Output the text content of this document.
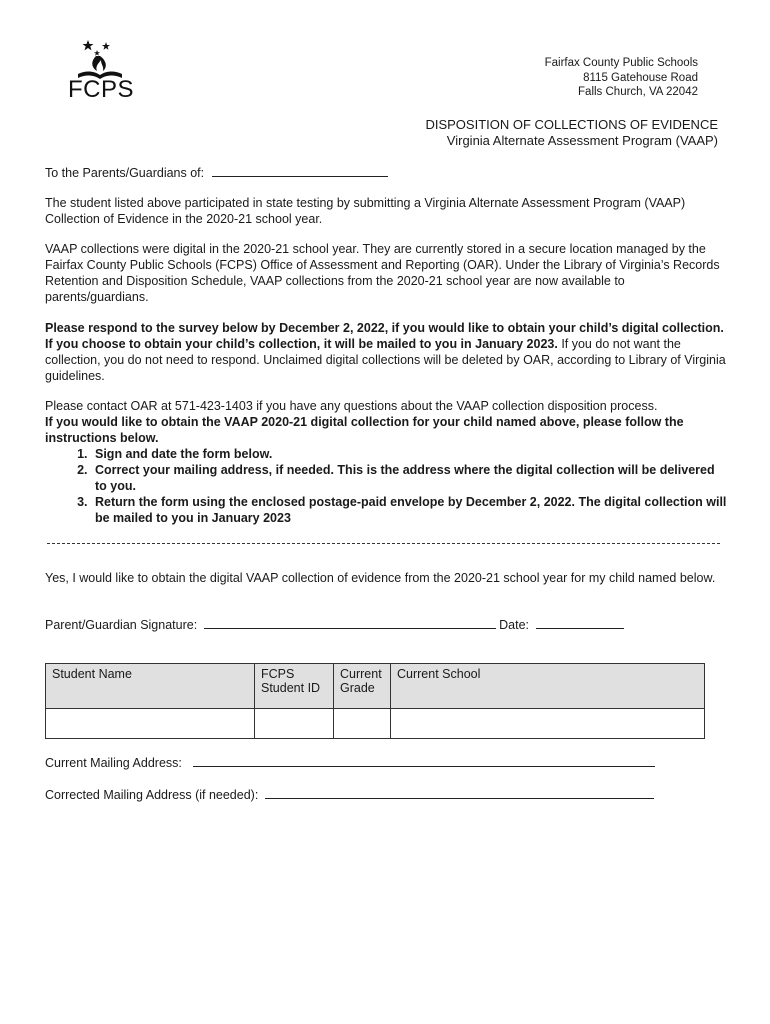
FCPS
Fairfax County Public Schools
8115 Gatehouse Road
Falls Church, VA 22042
DISPOSITION OF COLLECTIONS OF EVIDENCE
Virginia Alternate Assessment Program (VAAP)
To the Parents/Guardians of:
The student listed above participated in state testing by submitting a Virginia Alternate Assessment Program (VAAP) Collection of Evidence in the 2020-21 school year.
VAAP collections were digital in the 2020-21 school year. They are currently stored in a secure location managed by the Fairfax County Public Schools (FCPS) Office of Assessment and Reporting (OAR). Under the Library of Virginia’s Records Retention and Disposition Schedule, VAAP collections from the 2020-21 school year are now available to parents/guardians.
Please respond to the survey below by December 2, 2022, if you would like to obtain your child’s digital collection. If you choose to obtain your child’s collection, it will be mailed to you in January 2023. If you do not want the collection, you do not need to respond. Unclaimed digital collections will be deleted by OAR, according to Library of Virginia guidelines.
Please contact OAR at 571-423-1403 if you have any questions about the VAAP collection disposition process.
If you would like to obtain the VAAP 2020-21 digital collection for your child named above, please follow the instructions below.
1. Sign and date the form below.
2. Correct your mailing address, if needed. This is the address where the digital collection will be delivered to you.
3. Return the form using the enclosed postage-paid envelope by December 2, 2022. The digital collection will be mailed to you in January 2023
Yes, I would like to obtain the digital VAAP collection of evidence from the 2020-21 school year for my child named below.
Parent/Guardian Signature:	Date:
Student Name	FCPS Student ID	Current Grade	Current School

Current Mailing Address:
Corrected Mailing Address (if needed):
